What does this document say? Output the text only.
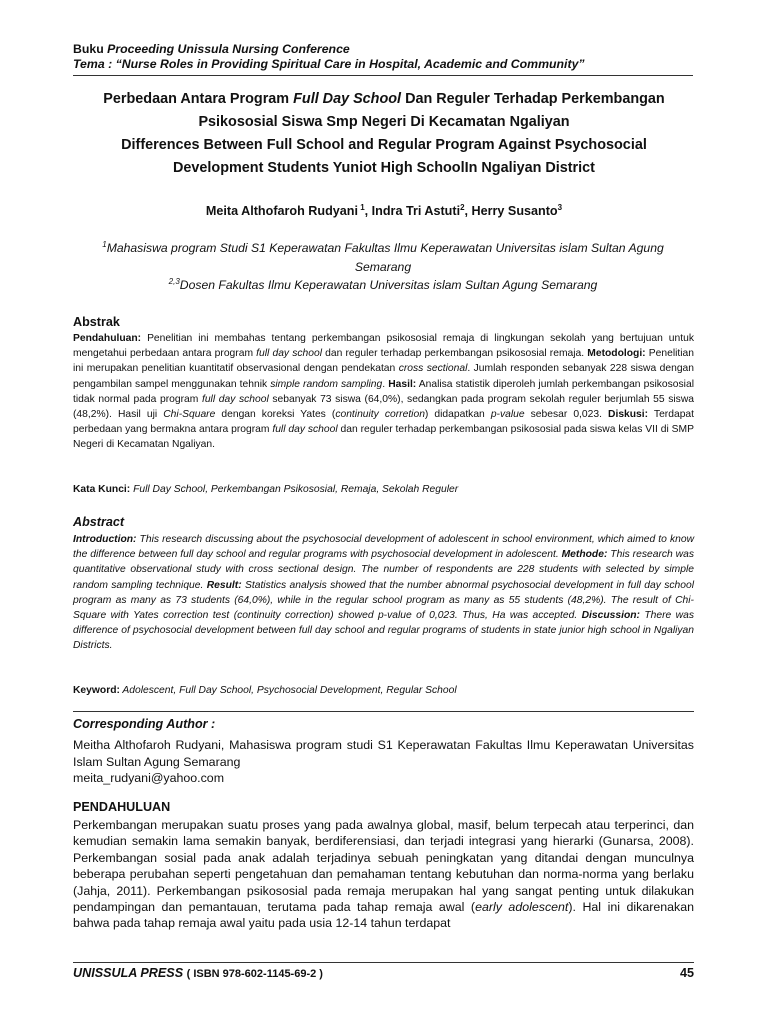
Buku Proceeding Unissula Nursing Conference
Tema : “Nurse Roles in Providing Spiritual Care in Hospital, Academic and Community”
Perbedaan Antara Program Full Day School Dan Reguler Terhadap Perkembangan
Psikososial Siswa Smp Negeri Di Kecamatan Ngaliyan
Differences Between Full School and Regular Program Against Psychosocial
Development Students Yuniot High SchoolIn Ngaliyan District
Meita Althofaroh Rudyani $^1$, Indra Tri Astuti$^2$, Herry Susanto$^3$
$^1$Mahasiswa program Studi S1 Keperawatan Fakultas Ilmu Keperawatan Universitas islam Sultan Agung Semarang
$^{2,3}$Dosen Fakultas Ilmu Keperawatan Universitas islam Sultan Agung Semarang
Abstrak
Pendahuluan: Penelitian ini membahas tentang perkembangan psikososial remaja di lingkungan sekolah yang bertujuan untuk mengetahui perbedaan antara program full day school dan reguler terhadap perkembangan psikososial remaja. Metodologi: Penelitian ini merupakan penelitian kuantitatif observasional dengan pendekatan cross sectional. Jumlah responden sebanyak 228 siswa dengan pengambilan sampel menggunakan tehnik simple random sampling. Hasil: Analisa statistik diperoleh jumlah perkembangan psikososial tidak normal pada program full day school sebanyak 73 siswa (64,0%), sedangkan pada program sekolah reguler berjumlah 55 siswa (48,2%). Hasil uji Chi-Square dengan koreksi Yates (continuity corretion) didapatkan p-value sebesar 0,023. Diskusi: Terdapat perbedaan yang bermakna antara program full day school dan reguler terhadap perkembangan psikososial pada siswa kelas VII di SMP Negeri di Kecamatan Ngaliyan.
Kata Kunci: Full Day School, Perkembangan Psikososial, Remaja, Sekolah Reguler
Abstract
Introduction: This research discussing about the psychosocial development of adolescent in school environment, which aimed to know the difference between full day school and regular programs with psychosocial development in adolescent. Methode: This research was quantitative observational study with cross sectional design. The number of respondents are 228 students with selected by simple random sampling technique. Result: Statistics analysis showed that the number abnormal psychosocial development in full day school program as many as 73 students (64,0%), while in the regular school program as many as 55 students (48,2%). The result of Chi-Square with Yates correction test (continuity correction) showed p-value of 0,023. Thus, Ha was accepted. Discussion: There was difference of psychosocial development between full day school and regular programs of students in state junior high school in Ngaliyan Districts.
Keyword: Adolescent, Full Day School, Psychosocial Development, Regular School
Corresponding Author :
Meitha Althofaroh Rudyani, Mahasiswa program studi S1 Keperawatan Fakultas Ilmu Keperawatan Universitas Islam Sultan Agung Semarang
meita_rudyani@yahoo.com
PENDAHULUAN
Perkembangan merupakan suatu proses yang pada awalnya global, masif, belum terpecah atau terperinci, dan kemudian semakin lama semakin banyak, berdiferensiasi, dan terjadi integrasi yang hierarki (Gunarsa, 2008). Perkembangan sosial pada anak adalah terjadinya sebuah peningkatan yang ditandai dengan munculnya beberapa perubahan seperti pengetahuan dan pemahaman tentang kebutuhan dan norma-norma yang berlaku (Jahja, 2011). Perkembangan psikososial pada remaja merupakan hal yang sangat penting untuk dilakukan pendampingan dan pemantauan, terutama pada tahap remaja awal (early adolescent). Hal ini dikarenakan bahwa pada tahap remaja awal yaitu pada usia 12-14 tahun terdapat
UNISSULA PRESS ( ISBN 978-602-1145-69-2 )	45
